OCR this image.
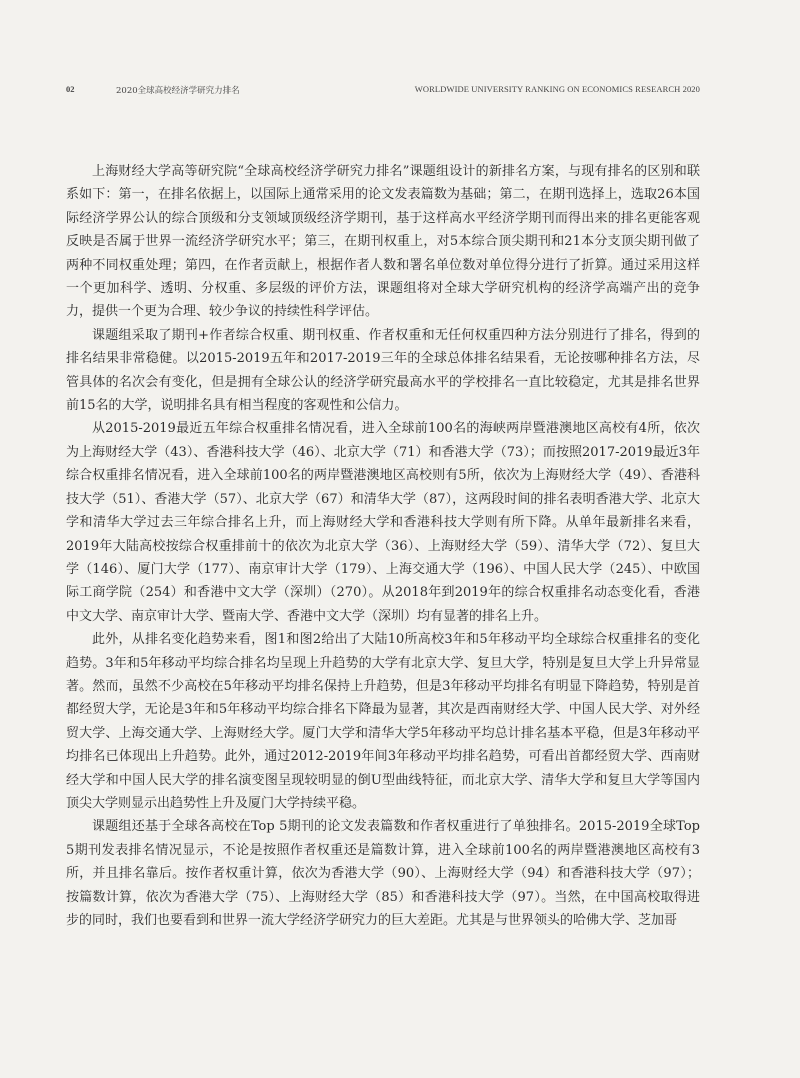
02	2020全球高校经济学研究力排名	WORLDWIDE UNIVERSITY RANKING ON ECONOMICS RESEARCH 2020

上海财经大学高等研究院“全球高校经济学研究力排名”课题组设计的新排名方案，与现有排名的区别和联系如下：第一，在排名依据上，以国际上通常采用的论文发表篇数为基础；第二，在期刊选择上，选取26本国际经济学界公认的综合顶级和分支领域顶级经济学期刊，基于这样高水平经济学期刊而得出来的排名更能客观反映是否属于世界一流经济学研究水平；第三，在期刊权重上，对5本综合顶尖期刊和21本分支顶尖期刊做了两种不同权重处理；第四，在作者贡献上，根据作者人数和署名单位数对单位得分进行了折算。通过采用这样一个更加科学、透明、分权重、多层级的评价方法，课题组将对全球大学研究机构的经济学高端产出的竞争力，提供一个更为合理、较少争议的持续性科学评估。

课题组采取了期刊+作者综合权重、期刊权重、作者权重和无任何权重四种方法分别进行了排名，得到的排名结果非常稳健。以2015-2019五年和2017-2019三年的全球总体排名结果看，无论按哪种排名方法，尽管具体的名次会有变化，但是拥有全球公认的经济学研究最高水平的学校排名一直比较稳定，尤其是排名世界前15名的大学，说明排名具有相当程度的客观性和公信力。

从2015-2019最近五年综合权重排名情况看，进入全球前100名的海峡两岸暨港澳地区高校有4所，依次为上海财经大学（43）、香港科技大学（46）、北京大学（71）和香港大学（73）；而按照2017-2019最近3年综合权重排名情况看，进入全球前100名的两岸暨港澳地区高校则有5所，依次为上海财经大学（49）、香港科技大学（51）、香港大学（57）、北京大学（67）和清华大学（87），这两段时间的排名表明香港大学、北京大学和清华大学过去三年综合排名上升，而上海财经大学和香港科技大学则有所下降。从单年最新排名来看，2019年大陆高校按综合权重排前十的依次为北京大学（36）、上海财经大学（59）、清华大学（72）、复旦大学（146）、厦门大学（177）、南京审计大学（179）、上海交通大学（196）、中国人民大学（245）、中欧国际工商学院（254）和香港中文大学（深圳）（270）。从2018年到2019年的综合权重排名动态变化看，香港中文大学、南京审计大学、暨南大学、香港中文大学（深圳）均有显著的排名上升。

此外，从排名变化趋势来看，图1和图2给出了大陆10所高校3年和5年移动平均全球综合权重排名的变化趋势。3年和5年移动平均综合排名均呈现上升趋势的大学有北京大学、复旦大学，特别是复旦大学上升异常显著。然而，虽然不少高校在5年移动平均排名保持上升趋势，但是3年移动平均排名有明显下降趋势，特别是首都经贸大学，无论是3年和5年移动平均综合排名下降最为显著，其次是西南财经大学、中国人民大学、对外经贸大学、上海交通大学、上海财经大学。厦门大学和清华大学5年移动平均总计排名基本平稳，但是3年移动平均排名已体现出上升趋势。此外，通过2012-2019年间3年移动平均排名趋势，可看出首都经贸大学、西南财经大学和中国人民大学的排名演变图呈现较明显的倒U型曲线特征，而北京大学、清华大学和复旦大学等国内顶尖大学则显示出趋势性上升及厦门大学持续平稳。

课题组还基于全球各高校在Top 5期刊的论文发表篇数和作者权重进行了单独排名。2015-2019全球Top 5期刊发表排名情况显示，不论是按照作者权重还是篇数计算，进入全球前100名的两岸暨港澳地区高校有3所，并且排名靠后。按作者权重计算，依次为香港大学（90）、上海财经大学（94）和香港科技大学（97）；按篇数计算，依次为香港大学（75）、上海财经大学（85）和香港科技大学（97）。当然，在中国高校取得进步的同时，我们也要看到和世界一流大学经济学研究力的巨大差距。尤其是与世界领头的哈佛大学、芝加哥
